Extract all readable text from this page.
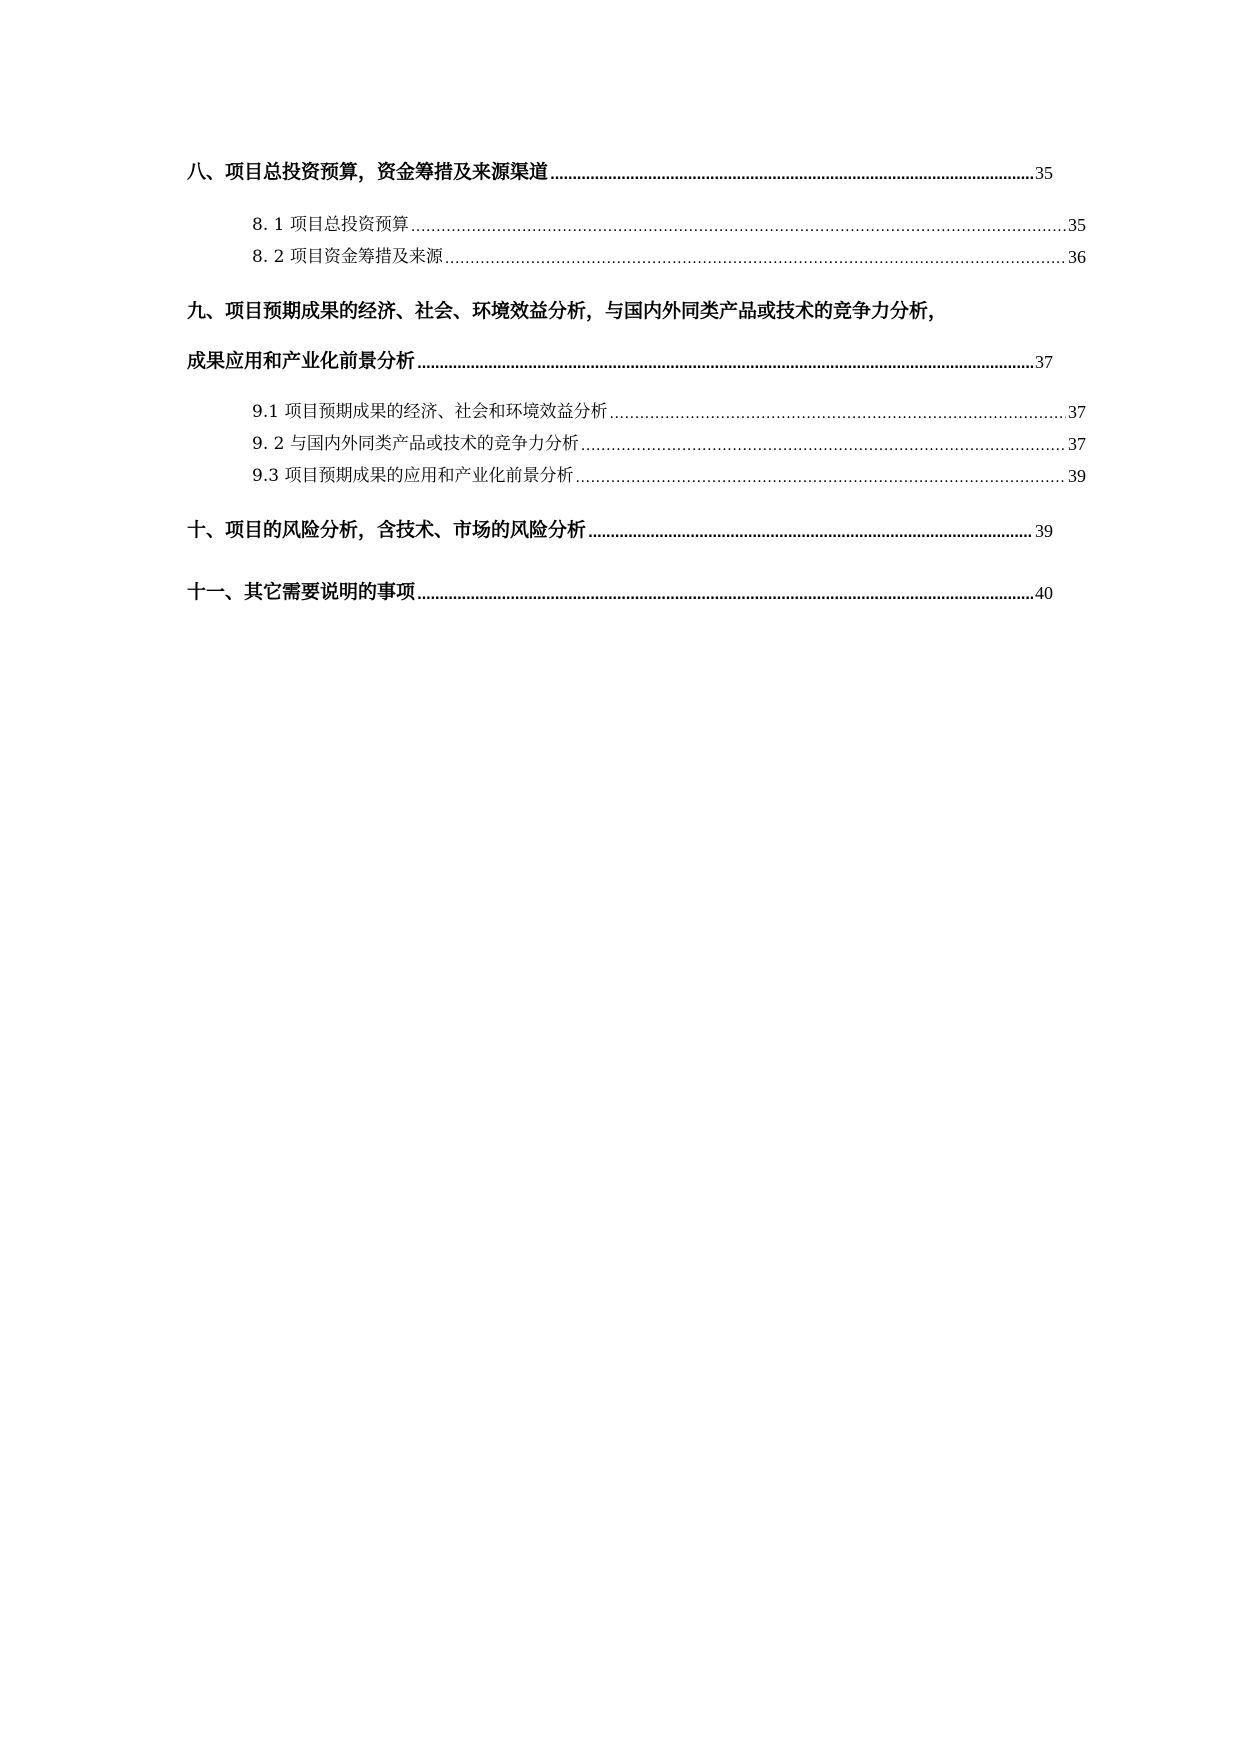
八、项目总投资预算，资金筹措及来源渠道 .....	35
8. 1 项目总投资预算 .....	35
8. 2 项目资金筹措及来源 .....	36
九、项目预期成果的经济、社会、环境效益分析，与国内外同类产品或技术的竞争力分析，
成果应用和产业化前景分析 .....	37
9.1 项目预期成果的经济、社会和环境效益分析 .....	37
9. 2 与国内外同类产品或技术的竞争力分析 .....	37
9.3 项目预期成果的应用和产业化前景分析 .....	39
十、项目的风险分析，含技术、市场的风险分析 .....	39
十一、其它需要说明的事项 .....	40
